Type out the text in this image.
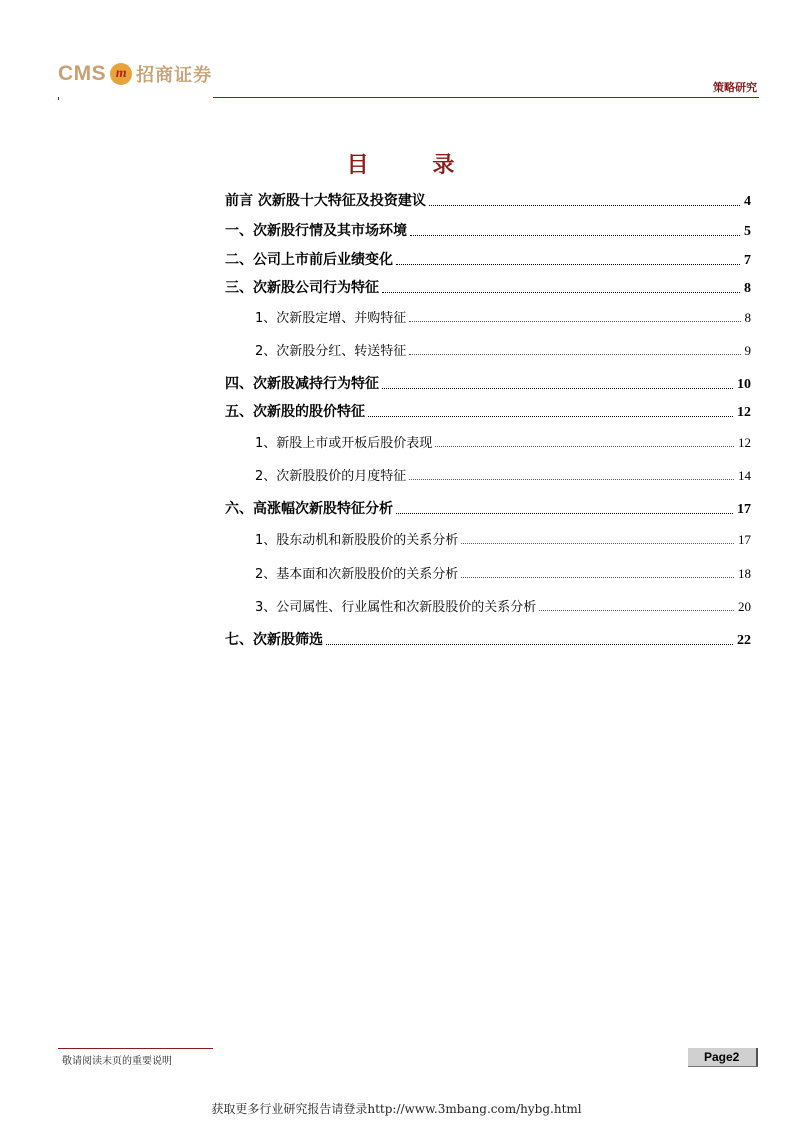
CMS m 招商证券
策略研究
目 录
前言 次新股十大特征及投资建议	4
一、次新股行情及其市场环境	5
二、公司上市前后业绩变化	7
三、次新股公司行为特征	8
1、次新股定增、并购特征	8
2、次新股分红、转送特征	9
四、次新股减持行为特征	10
五、次新股的股价特征	12
1、新股上市或开板后股价表现	12
2、次新股股价的月度特征	14
六、高涨幅次新股特征分析	17
1、股东动机和新股股价的关系分析	17
2、基本面和次新股股价的关系分析	18
3、公司属性、行业属性和次新股股价的关系分析	20
七、次新股筛选	22
敬请阅读末页的重要说明	Page2
获取更多行业研究报告请登录http://www.3mbang.com/hybg.html
